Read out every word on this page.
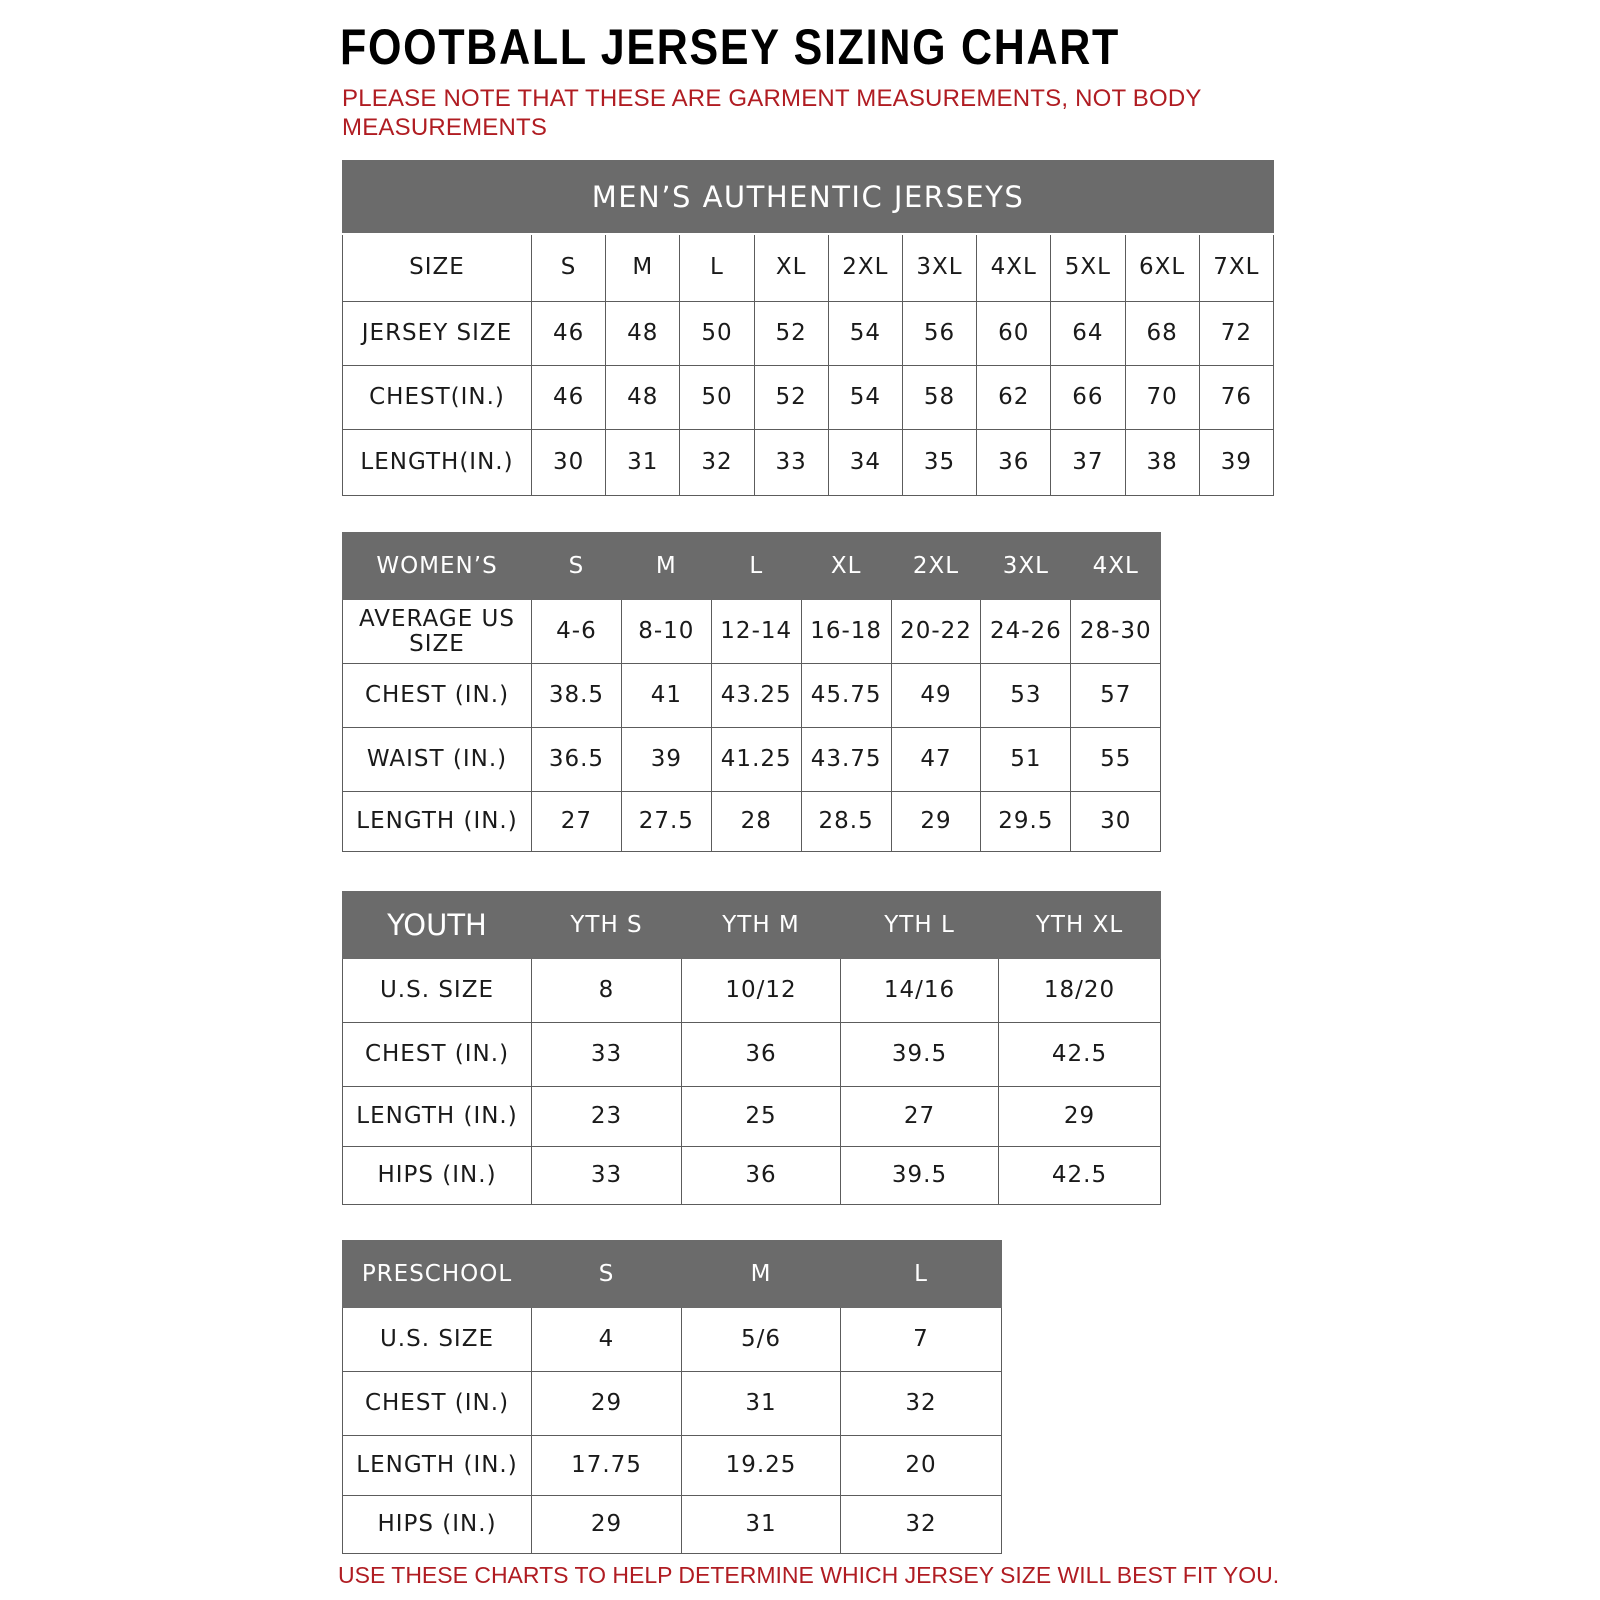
FOOTBALL JERSEY SIZING CHART
PLEASE NOTE THAT THESE ARE GARMENT MEASUREMENTS, NOT BODY MEASUREMENTS
MEN’S AUTHENTIC JERSEYS										
SIZE	S	M	L	XL	2XL	3XL	4XL	5XL	6XL	7XL
JERSEY SIZE	46	48	50	52	54	56	60	64	68	72
CHEST(IN.)	46	48	50	52	54	58	62	66	70	76
LENGTH(IN.)	30	31	32	33	34	35	36	37	38	39
WOMEN’S	S	M	L	XL	2XL	3XL	4XL
AVERAGE US SIZE	4-6	8-10	12-14	16-18	20-22	24-26	28-30
CHEST (IN.)	38.5	41	43.25	45.75	49	53	57
WAIST (IN.)	36.5	39	41.25	43.75	47	51	55
LENGTH (IN.)	27	27.5	28	28.5	29	29.5	30
YOUTH	YTH S	YTH M	YTH L	YTH XL
U.S. SIZE	8	10/12	14/16	18/20
CHEST (IN.)	33	36	39.5	42.5
LENGTH (IN.)	23	25	27	29
HIPS (IN.)	33	36	39.5	42.5
PRESCHOOL	S	M	L
U.S. SIZE	4	5/6	7
CHEST (IN.)	29	31	32
LENGTH (IN.)	17.75	19.25	20
HIPS (IN.)	29	31	32
USE THESE CHARTS TO HELP DETERMINE WHICH JERSEY SIZE WILL BEST FIT YOU.
